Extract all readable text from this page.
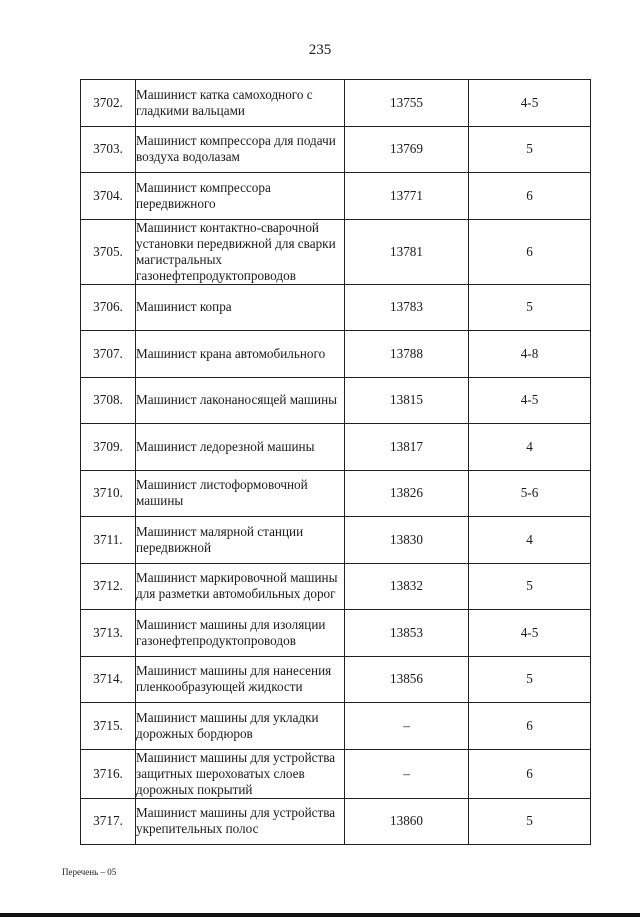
235
3702.	Машинист катка самоходного с гладкими вальцами	13755	4-5
3703.	Машинист компрессора для подачи воздуха водолазам	13769	5
3704.	Машинист компрессора передвижного	13771	6
3705.	Машинист контактно-сварочной установки передвижной для сварки магистральных газонефтепродуктопроводов	13781	6
3706.	Машинист копра	13783	5
3707.	Машинист крана автомобильного	13788	4-8
3708.	Машинист лаконаносящей машины	13815	4-5
3709.	Машинист ледорезной машины	13817	4
3710.	Машинист листоформовочной машины	13826	5-6
3711.	Машинист малярной станции передвижной	13830	4
3712.	Машинист маркировочной машины для разметки автомобильных дорог	13832	5
3713.	Машинист машины для изоляции газонефтепродуктопроводов	13853	4-5
3714.	Машинист машины для нанесения пленкообразующей жидкости	13856	5
3715.	Машинист машины для укладки дорожных бордюров	–	6
3716.	Машинист машины для устройства защитных шероховатых слоев дорожных покрытий	–	6
3717.	Машинист машины для устройства укрепительных полос	13860	5
Перечень – 05
